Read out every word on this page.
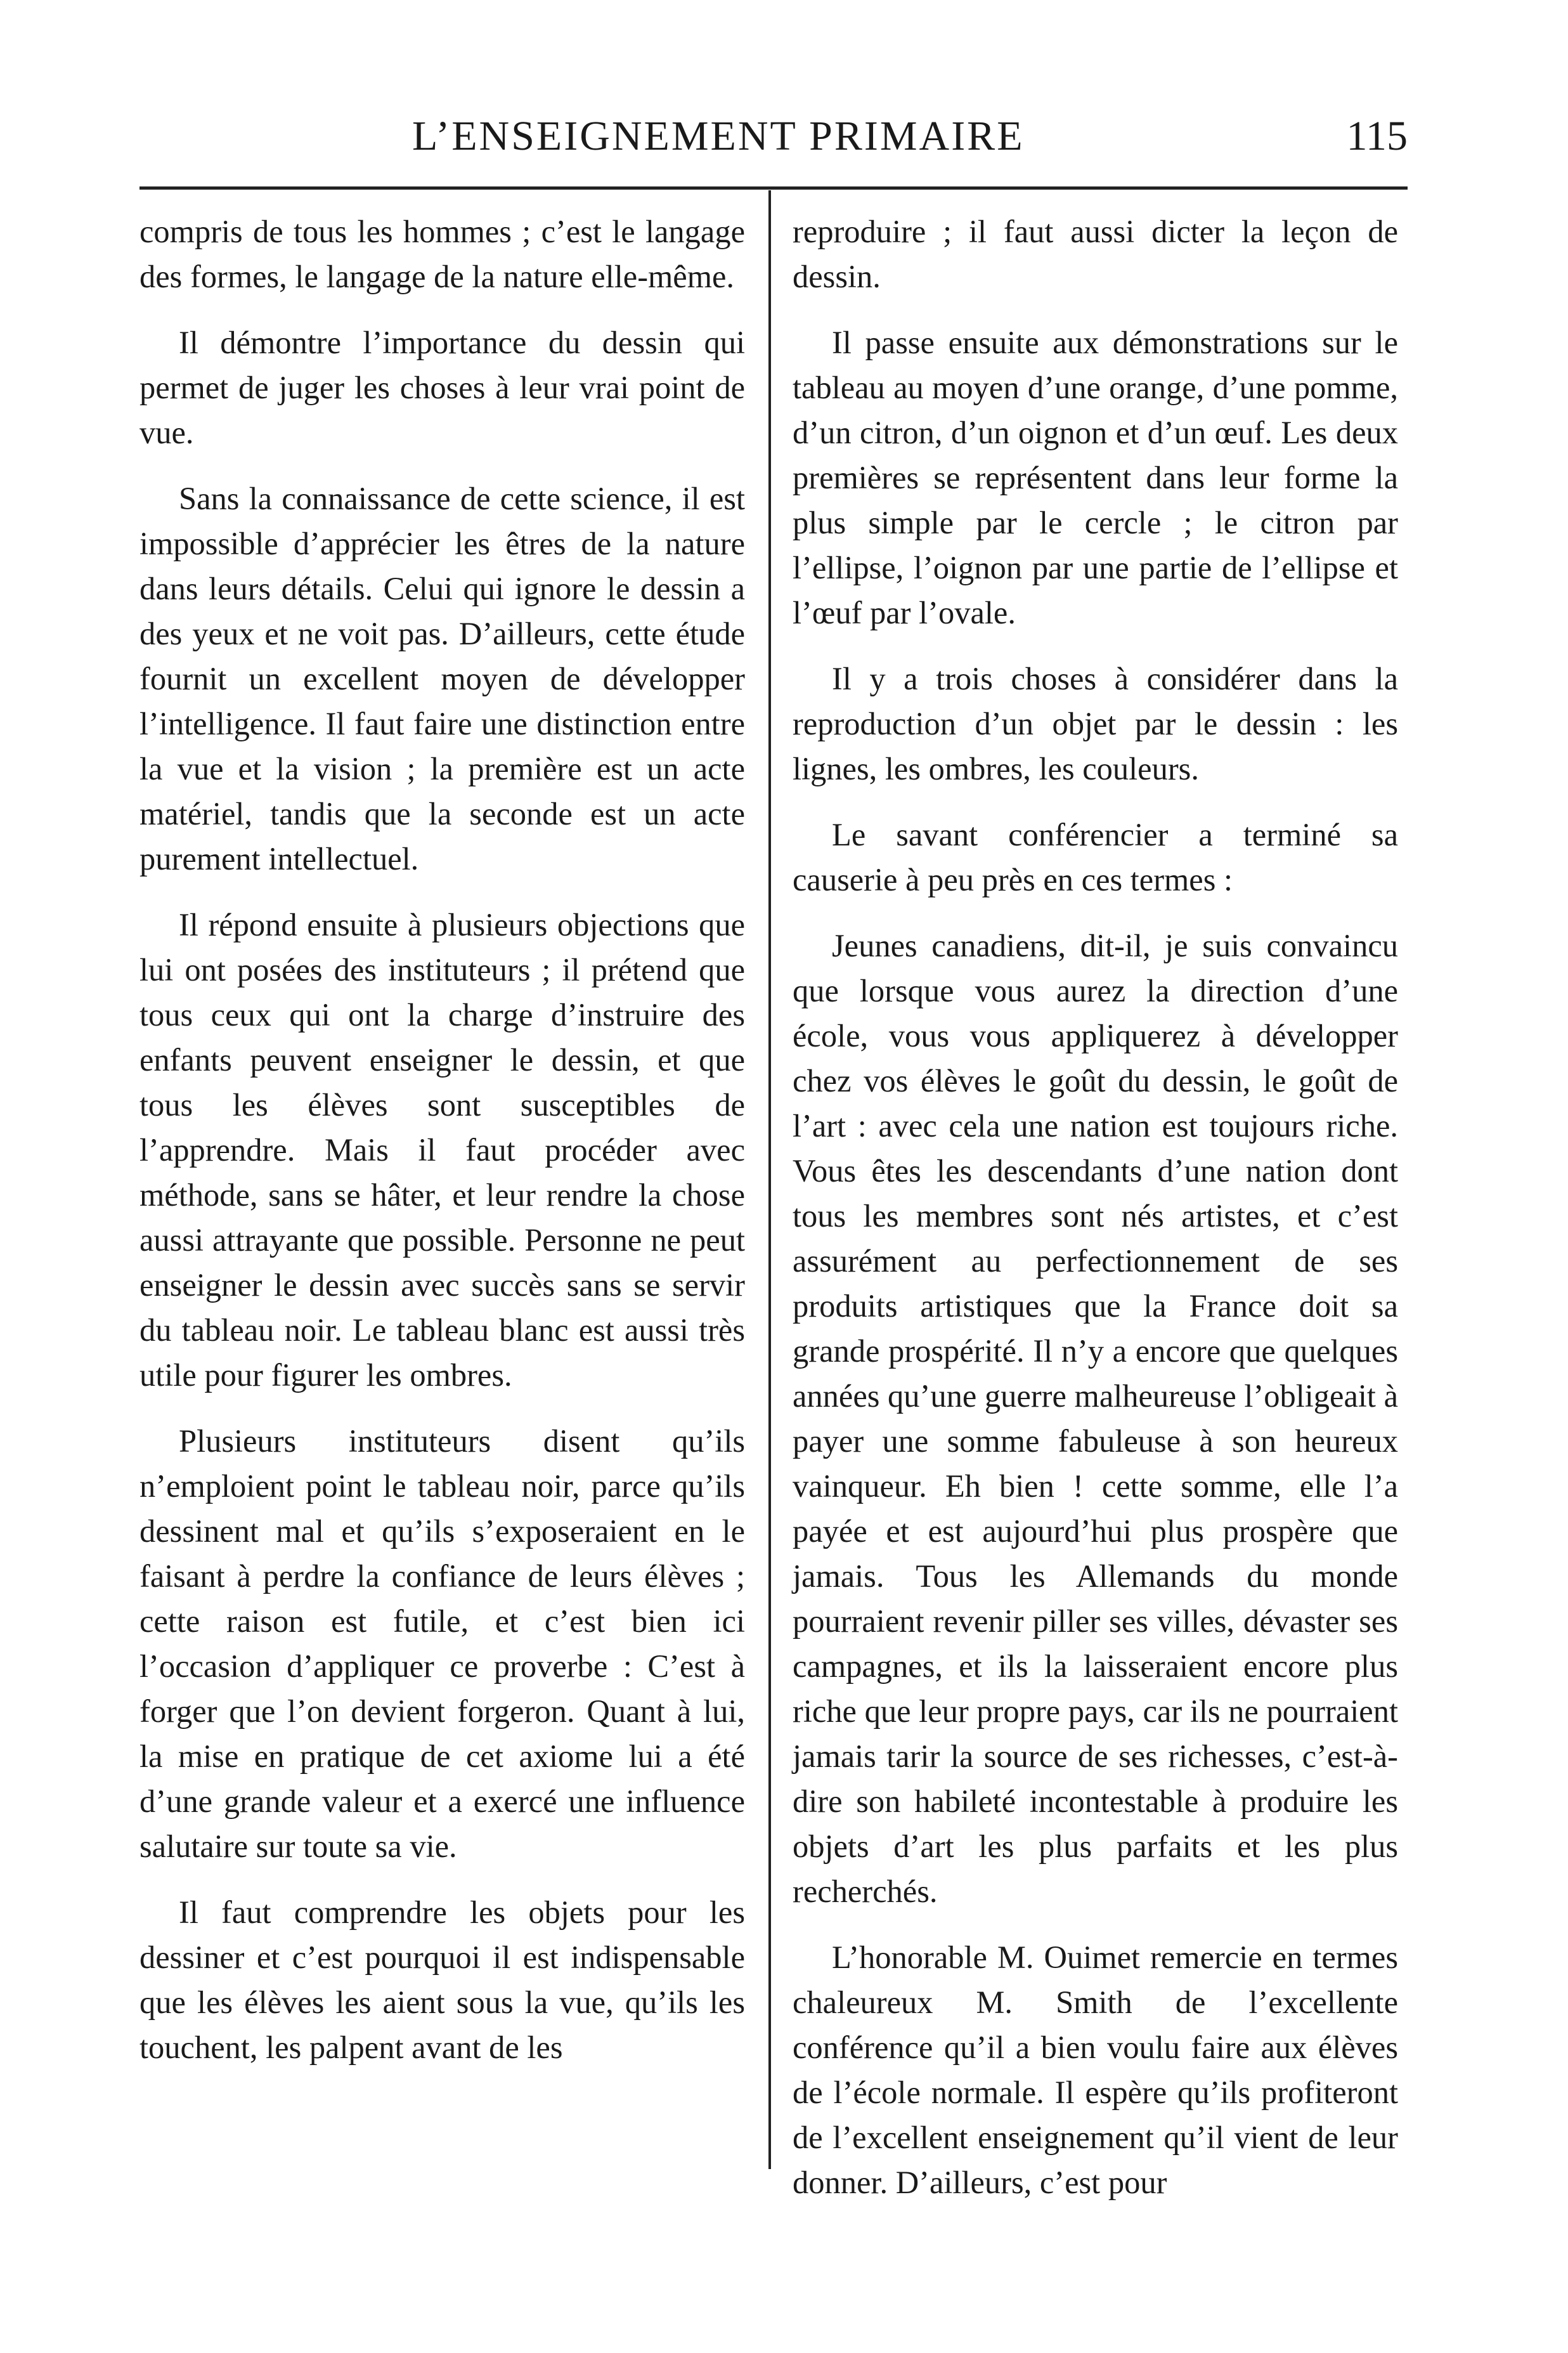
L’ENSEIGNEMENT PRIMAIRE	115

compris de tous les hommes ; c’est le langage des formes, le langage de la nature elle-même.

Il démontre l’importance du dessin qui permet de juger les choses à leur vrai point de vue.

Sans la connaissance de cette science, il est impossible d’apprécier les êtres de la nature dans leurs détails. Celui qui ignore le dessin a des yeux et ne voit pas. D’ailleurs, cette étude fournit un excellent moyen de développer l’intelligence. Il faut faire une distinction entre la vue et la vision ; la première est un acte matériel, tandis que la seconde est un acte purement intellectuel.

Il répond ensuite à plusieurs objections que lui ont posées des instituteurs ; il prétend que tous ceux qui ont la charge d’instruire des enfants peuvent enseigner le dessin, et que tous les élèves sont susceptibles de l’apprendre. Mais il faut procéder avec méthode, sans se hâter, et leur rendre la chose aussi attrayante que possible. Personne ne peut enseigner le dessin avec succès sans se servir du tableau noir. Le tableau blanc est aussi très utile pour figurer les ombres.

Plusieurs instituteurs disent qu’ils n’emploient point le tableau noir, parce qu’ils dessinent mal et qu’ils s’exposeraient en le faisant à perdre la confiance de leurs élèves ; cette raison est futile, et c’est bien ici l’occasion d’appliquer ce proverbe : C’est à forger que l’on devient forgeron. Quant à lui, la mise en pratique de cet axiome lui a été d’une grande valeur et a exercé une influence salutaire sur toute sa vie.

Il faut comprendre les objets pour les dessiner et c’est pourquoi il est indispensable que les élèves les aient sous la vue, qu’ils les touchent, les palpent avant de les

reproduire ; il faut aussi dicter la leçon de dessin.

Il passe ensuite aux démonstrations sur le tableau au moyen d’une orange, d’une pomme, d’un citron, d’un oignon et d’un œuf. Les deux premières se représentent dans leur forme la plus simple par le cercle ; le citron par l’ellipse, l’oignon par une partie de l’ellipse et l’œuf par l’ovale.

Il y a trois choses à considérer dans la reproduction d’un objet par le dessin : les lignes, les ombres, les couleurs.

Le savant conférencier a terminé sa causerie à peu près en ces termes :

Jeunes canadiens, dit-il, je suis convaincu que lorsque vous aurez la direction d’une école, vous vous appliquerez à développer chez vos élèves le goût du dessin, le goût de l’art : avec cela une nation est toujours riche. Vous êtes les descendants d’une nation dont tous les membres sont nés artistes, et c’est assurément au perfectionnement de ses produits artistiques que la France doit sa grande prospérité. Il n’y a encore que quelques années qu’une guerre malheureuse l’obligeait à payer une somme fabuleuse à son heureux vainqueur. Eh bien ! cette somme, elle l’a payée et est aujourd’hui plus prospère que jamais. Tous les Allemands du monde pourraient revenir piller ses villes, dévaster ses campagnes, et ils la laisseraient encore plus riche que leur propre pays, car ils ne pourraient jamais tarir la source de ses richesses, c’est-à-dire son habileté incontestable à produire les objets d’art les plus parfaits et les plus recherchés.

L’honorable M. Ouimet remercie en termes chaleureux M. Smith de l’excellente conférence qu’il a bien voulu faire aux élèves de l’école normale. Il espère qu’ils profiteront de l’excellent enseignement qu’il vient de leur donner. D’ailleurs, c’est pour
